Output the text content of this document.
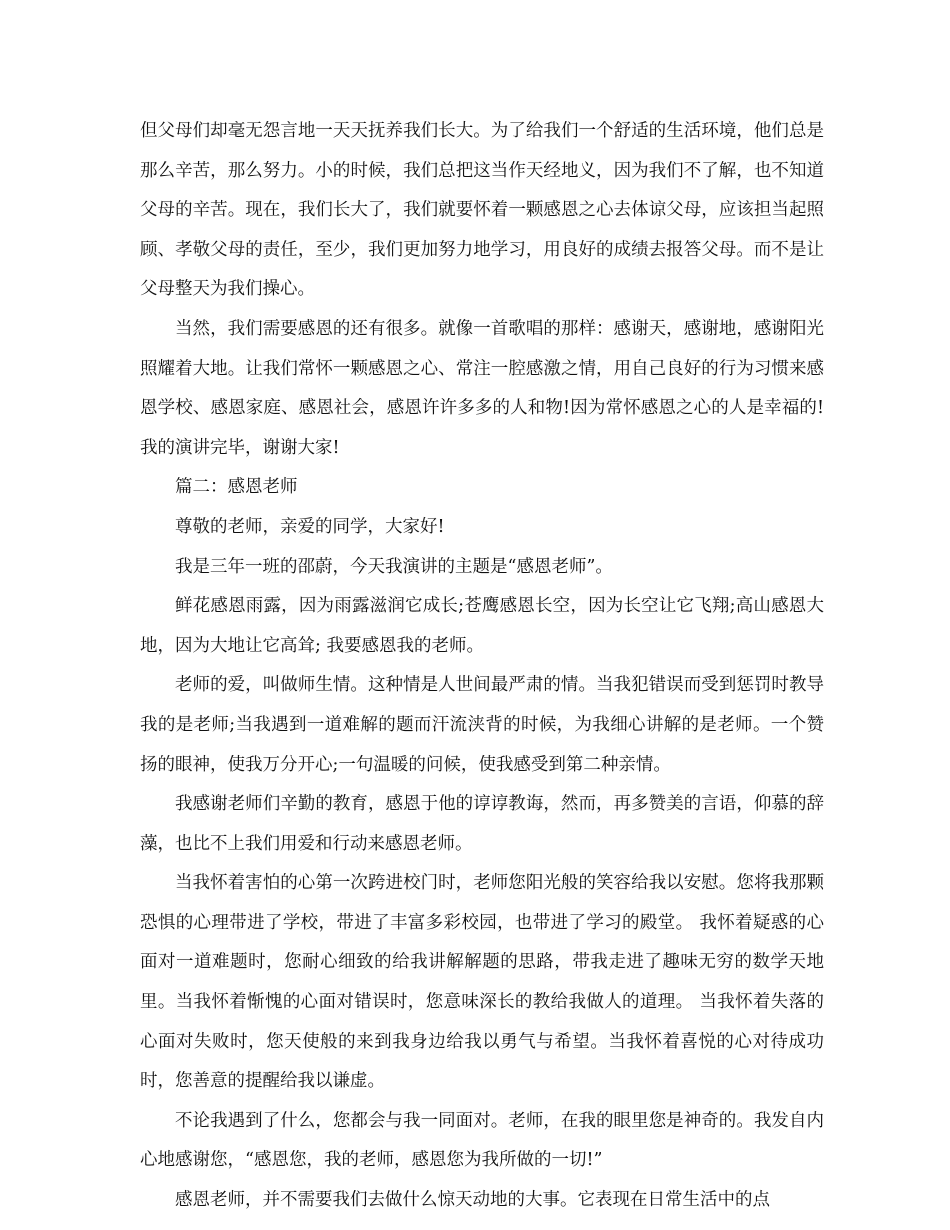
但父母们却毫无怨言地一天天抚养我们长大。为了给我们一个舒适的生活环境，他们总是那么辛苦，那么努力。小的时候，我们总把这当作天经地义，因为我们不了解，也不知道父母的辛苦。现在，我们长大了，我们就要怀着一颗感恩之心去体谅父母，应该担当起照顾、孝敬父母的责任，至少，我们更加努力地学习，用良好的成绩去报答父母。而不是让父母整天为我们操心。

当然，我们需要感恩的还有很多。就像一首歌唱的那样：感谢天，感谢地，感谢阳光照耀着大地。让我们常怀一颗感恩之心、常注一腔感激之情，用自己良好的行为习惯来感恩学校、感恩家庭、感恩社会，感恩许许多多的人和物!因为常怀感恩之心的人是幸福的! 我的演讲完毕，谢谢大家!

篇二：感恩老师

尊敬的老师，亲爱的同学，大家好!

我是三年一班的邵蔚，今天我演讲的主题是“感恩老师”。

鲜花感恩雨露，因为雨露滋润它成长;苍鹰感恩长空，因为长空让它飞翔;高山感恩大地，因为大地让它高耸; 我要感恩我的老师。

老师的爱，叫做师生情。这种情是人世间最严肃的情。当我犯错误而受到惩罚时教导我的是老师;当我遇到一道难解的题而汗流浃背的时候，为我细心讲解的是老师。一个赞扬的眼神，使我万分开心;一句温暖的问候，使我感受到第二种亲情。

我感谢老师们辛勤的教育，感恩于他的谆谆教诲，然而，再多赞美的言语，仰慕的辞藻，也比不上我们用爱和行动来感恩老师。

当我怀着害怕的心第一次跨进校门时，老师您阳光般的笑容给我以安慰。您将我那颗恐惧的心理带进了学校，带进了丰富多彩校园，也带进了学习的殿堂。 我怀着疑惑的心面对一道难题时，您耐心细致的给我讲解解题的思路，带我走进了趣味无穷的数学天地里。当我怀着惭愧的心面对错误时，您意味深长的教给我做人的道理。 当我怀着失落的心面对失败时，您天使般的来到我身边给我以勇气与希望。当我怀着喜悦的心对待成功时，您善意的提醒给我以谦虚。

不论我遇到了什么，您都会与我一同面对。老师，在我的眼里您是神奇的。我发自内心地感谢您，“感恩您，我的老师，感恩您为我所做的一切!”

感恩老师，并不需要我们去做什么惊天动地的大事。它表现在日常生活中的点
